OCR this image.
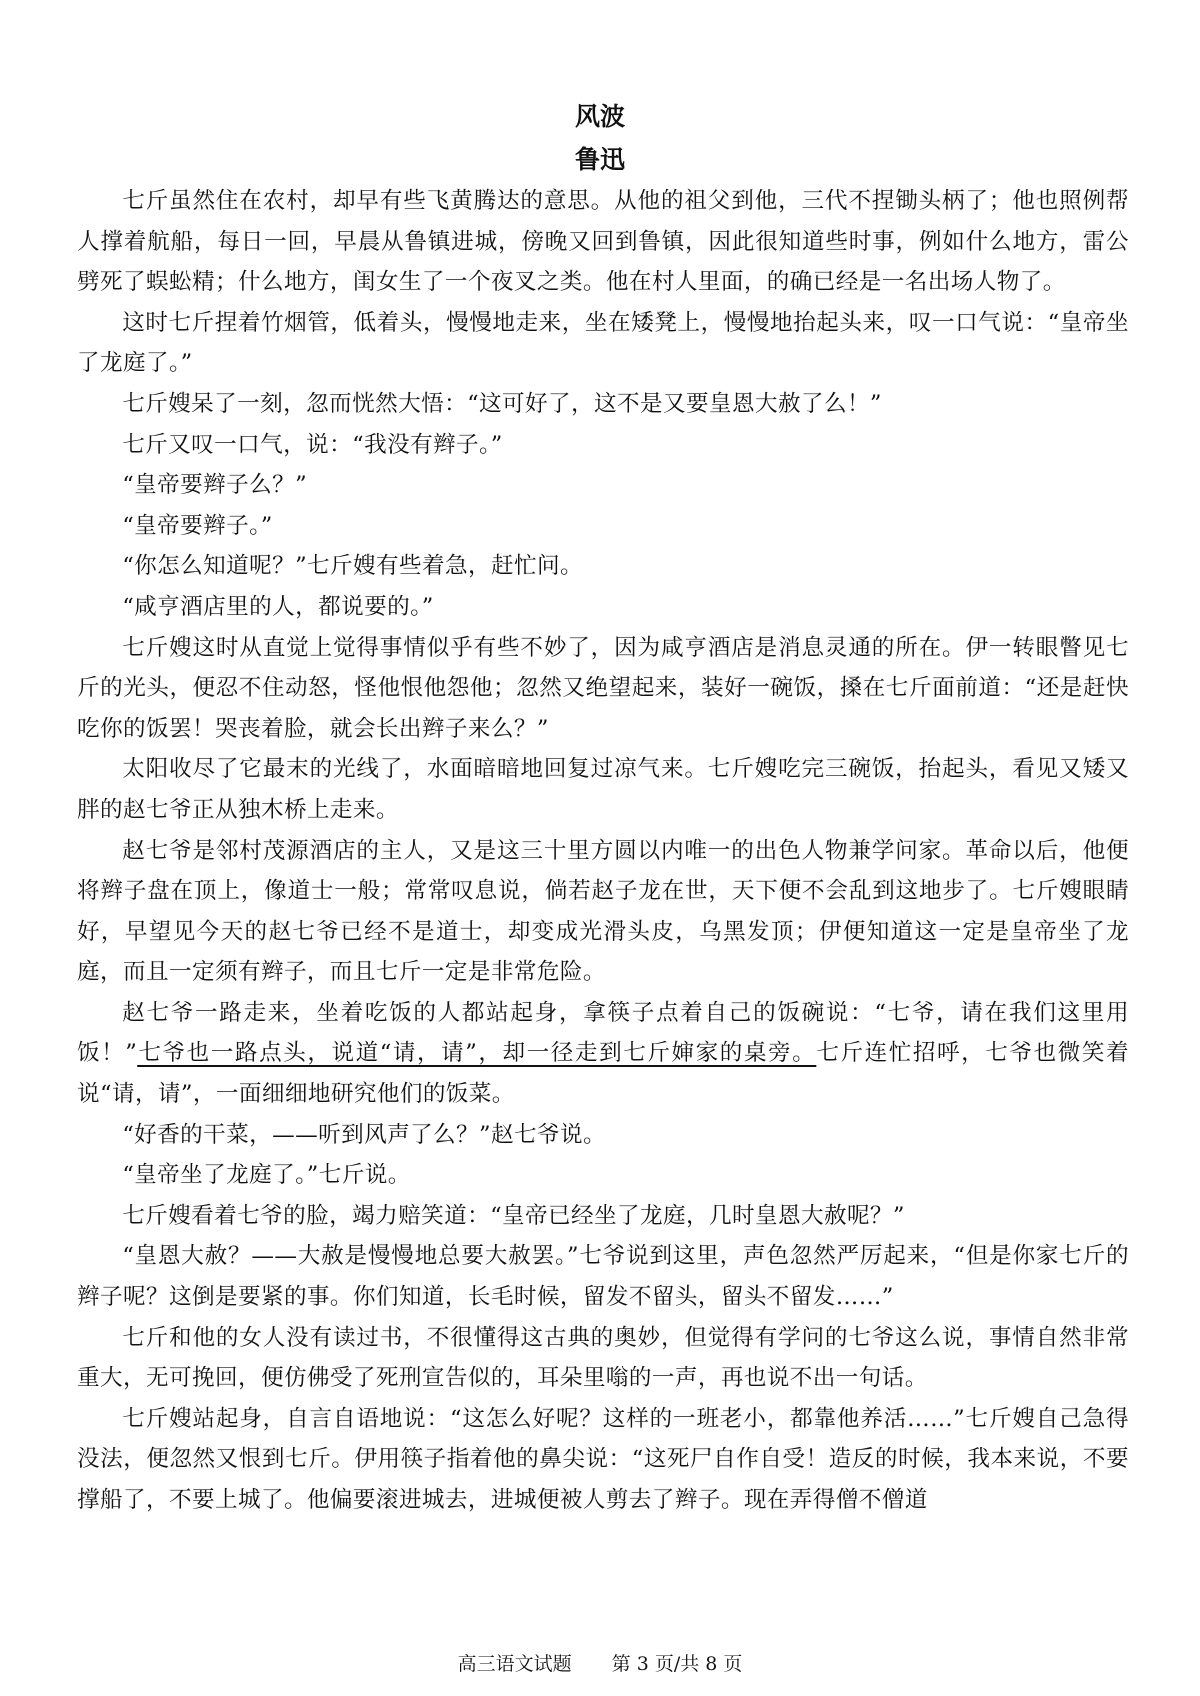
风波
鲁迅

七斤虽然住在农村，却早有些飞黄腾达的意思。从他的祖父到他，三代不捏锄头柄了；他也照例帮人撑着航船，每日一回，早晨从鲁镇进城，傍晚又回到鲁镇，因此很知道些时事，例如什么地方，雷公劈死了蜈蚣精；什么地方，闺女生了一个夜叉之类。他在村人里面，的确已经是一名出场人物了。

这时七斤捏着竹烟管，低着头，慢慢地走来，坐在矮凳上，慢慢地抬起头来，叹一口气说：“皇帝坐了龙庭了。”

七斤嫂呆了一刻，忽而恍然大悟：“这可好了，这不是又要皇恩大赦了么！”

七斤又叹一口气，说：“我没有辫子。”

“皇帝要辫子么？”

“皇帝要辫子。”

“你怎么知道呢？”七斤嫂有些着急，赶忙问。

“咸亨酒店里的人，都说要的。”

七斤嫂这时从直觉上觉得事情似乎有些不妙了，因为咸亨酒店是消息灵通的所在。伊一转眼瞥见七斤的光头，便忍不住动怒，怪他恨他怨他；忽然又绝望起来，装好一碗饭，搡在七斤面前道：“还是赶快吃你的饭罢！哭丧着脸，就会长出辫子来么？”

太阳收尽了它最末的光线了，水面暗暗地回复过凉气来。七斤嫂吃完三碗饭，抬起头，看见又矮又胖的赵七爷正从独木桥上走来。

赵七爷是邻村茂源酒店的主人，又是这三十里方圆以内唯一的出色人物兼学问家。革命以后，他便将辫子盘在顶上，像道士一般；常常叹息说，倘若赵子龙在世，天下便不会乱到这地步了。七斤嫂眼睛好，早望见今天的赵七爷已经不是道士，却变成光滑头皮，乌黑发顶；伊便知道这一定是皇帝坐了龙庭，而且一定须有辫子，而且七斤一定是非常危险。

赵七爷一路走来，坐着吃饭的人都站起身，拿筷子点着自己的饭碗说：“七爷，请在我们这里用饭！”七爷也一路点头，说道“请，请”，却一径走到七斤婶家的桌旁。七斤连忙招呼，七爷也微笑着说“请，请”，一面细细地研究他们的饭菜。

“好香的干菜，——听到风声了么？”赵七爷说。

“皇帝坐了龙庭了。”七斤说。

七斤嫂看着七爷的脸，竭力赔笑道：“皇帝已经坐了龙庭，几时皇恩大赦呢？”

“皇恩大赦？——大赦是慢慢地总要大赦罢。”七爷说到这里，声色忽然严厉起来，“但是你家七斤的辫子呢？这倒是要紧的事。你们知道，长毛时候，留发不留头，留头不留发……”

七斤和他的女人没有读过书，不很懂得这古典的奥妙，但觉得有学问的七爷这么说，事情自然非常重大，无可挽回，便仿佛受了死刑宣告似的，耳朵里嗡的一声，再也说不出一句话。

七斤嫂站起身，自言自语地说：“这怎么好呢？这样的一班老小，都靠他养活……”七斤嫂自己急得没法，便忽然又恨到七斤。伊用筷子指着他的鼻尖说：“这死尸自作自受！造反的时候，我本来说，不要撑船了，不要上城了。他偏要滚进城去，进城便被人剪去了辫子。现在弄得僧不僧道

高三语文试题 第 3 页/共 8 页
